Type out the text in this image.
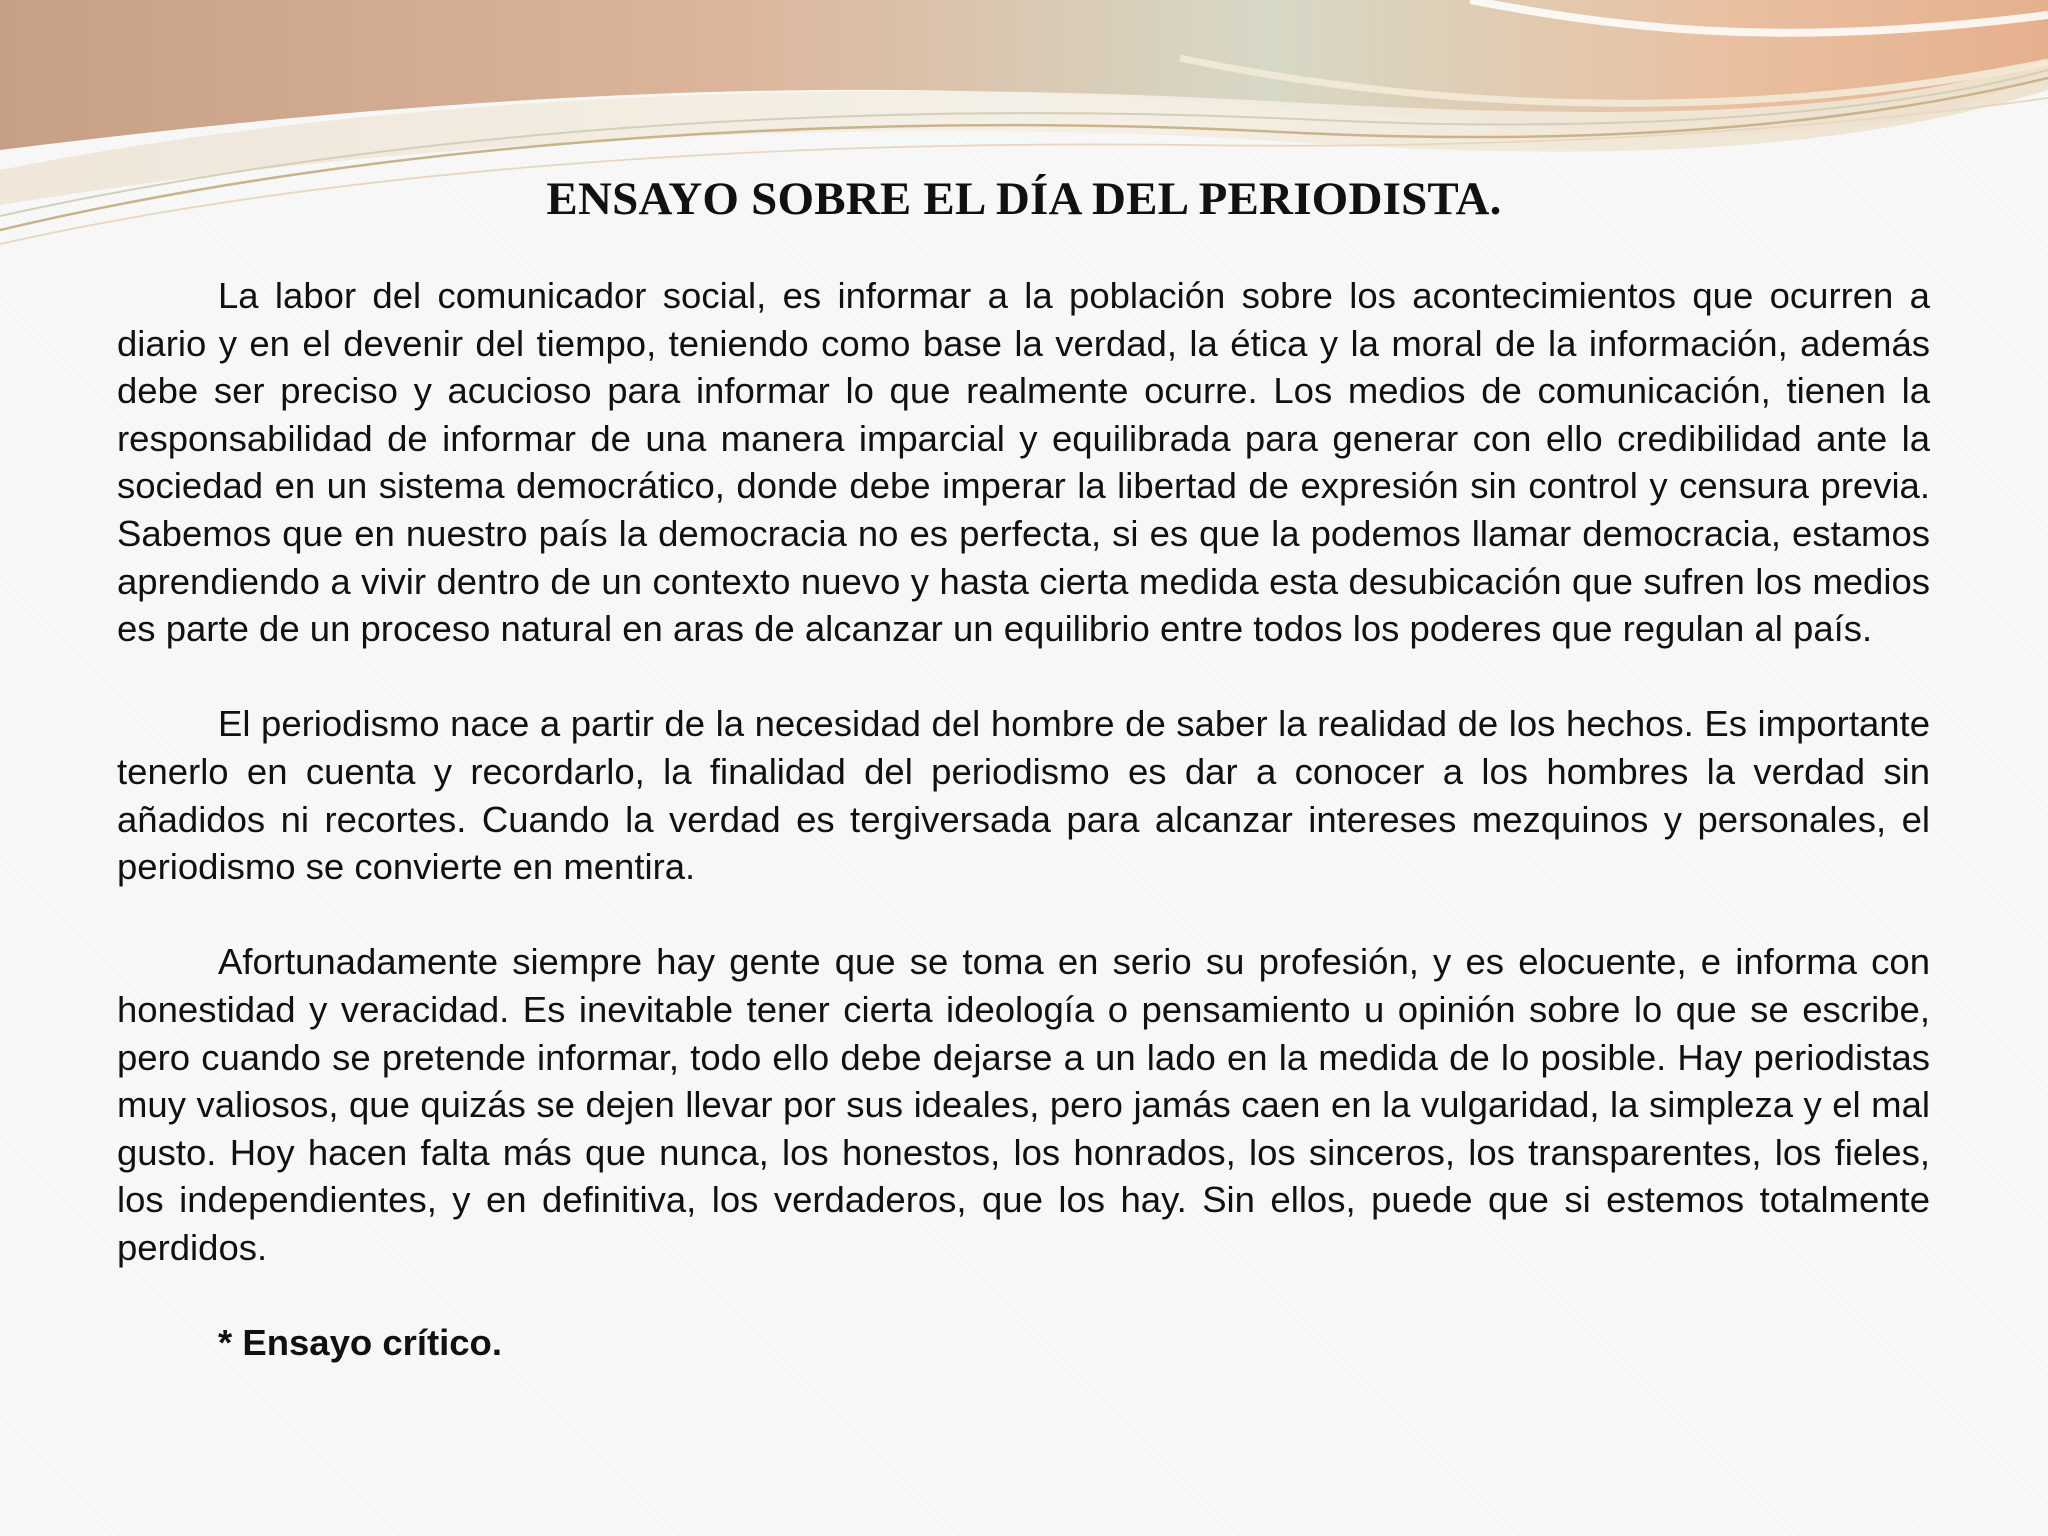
ENSAYO SOBRE EL DÍA DEL PERIODISTA.

La labor del comunicador social, es informar a la población sobre los acontecimientos que ocurren a diario y en el devenir del tiempo, teniendo como base la verdad, la ética y la moral de la información, además debe ser preciso y acucioso para informar lo que realmente ocurre. Los medios de comunicación, tienen la responsabilidad de informar de una manera imparcial y equilibrada para generar con ello credibilidad ante la sociedad en un sistema democrático, donde debe imperar la libertad de expresión sin control y censura previa. Sabemos que en nuestro país la democracia no es perfecta, si es que la podemos llamar democracia, estamos aprendiendo a vivir dentro de un contexto nuevo y hasta cierta medida esta desubicación que sufren los medios es parte de un proceso natural en aras de alcanzar un equilibrio entre todos los poderes que regulan al país.

El periodismo nace a partir de la necesidad del hombre de saber la realidad de los hechos. Es importante tenerlo en cuenta y recordarlo, la finalidad del periodismo es dar a conocer a los hombres la verdad sin añadidos ni recortes. Cuando la verdad es tergiversada para alcanzar intereses mezquinos y personales, el periodismo se convierte en mentira.

Afortunadamente siempre hay gente que se toma en serio su profesión, y es elocuente, e informa con honestidad y veracidad. Es inevitable tener cierta ideología o pensamiento u opinión sobre lo que se escribe, pero cuando se pretende informar, todo ello debe dejarse a un lado en la medida de lo posible. Hay periodistas muy valiosos, que quizás se dejen llevar por sus ideales, pero jamás caen en la vulgaridad, la simpleza y el mal gusto. Hoy hacen falta más que nunca, los honestos, los honrados, los sinceros, los transparentes, los fieles, los independientes, y en definitiva, los verdaderos, que los hay. Sin ellos, puede que si estemos totalmente perdidos.

* Ensayo crítico.
